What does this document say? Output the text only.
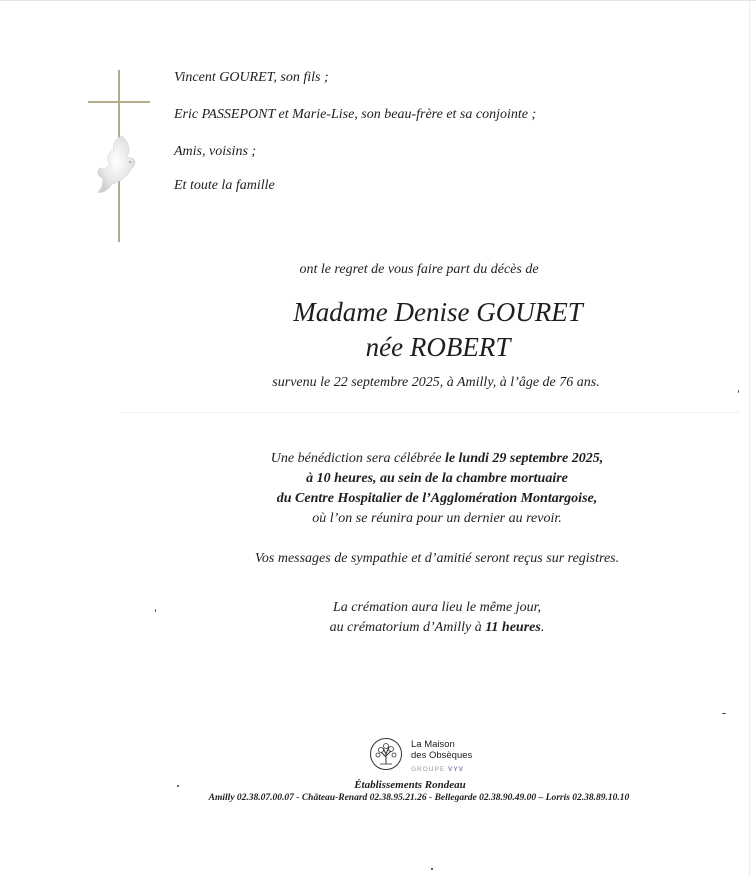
Vincent GOURET, son fils ;
Eric PASSEPONT et Marie-Lise, son beau-frère et sa conjointe ;
Amis, voisins ;
Et toute la famille
ont le regret de vous faire part du décès de
Madame Denise GOURET
née ROBERT
survenu le 22 septembre 2025, à Amilly, à l’âge de 76 ans.
Une bénédiction sera célébrée le lundi 29 septembre 2025,
à 10 heures, au sein de la chambre mortuaire
du Centre Hospitalier de l’Agglomération Montargoise,
où l’on se réunira pour un dernier au revoir.
Vos messages de sympathie et d’amitié seront reçus sur registres.
La crémation aura lieu le même jour,
au crématorium d’Amilly à 11 heures.
La Maison
des Obsèques
GROUPE VYV
Établissements Rondeau
Amilly 02.38.07.00.07 - Château-Renard 02.38.95.21.26 - Bellegarde 02.38.90.49.00 – Lorris 02.38.89.10.10
